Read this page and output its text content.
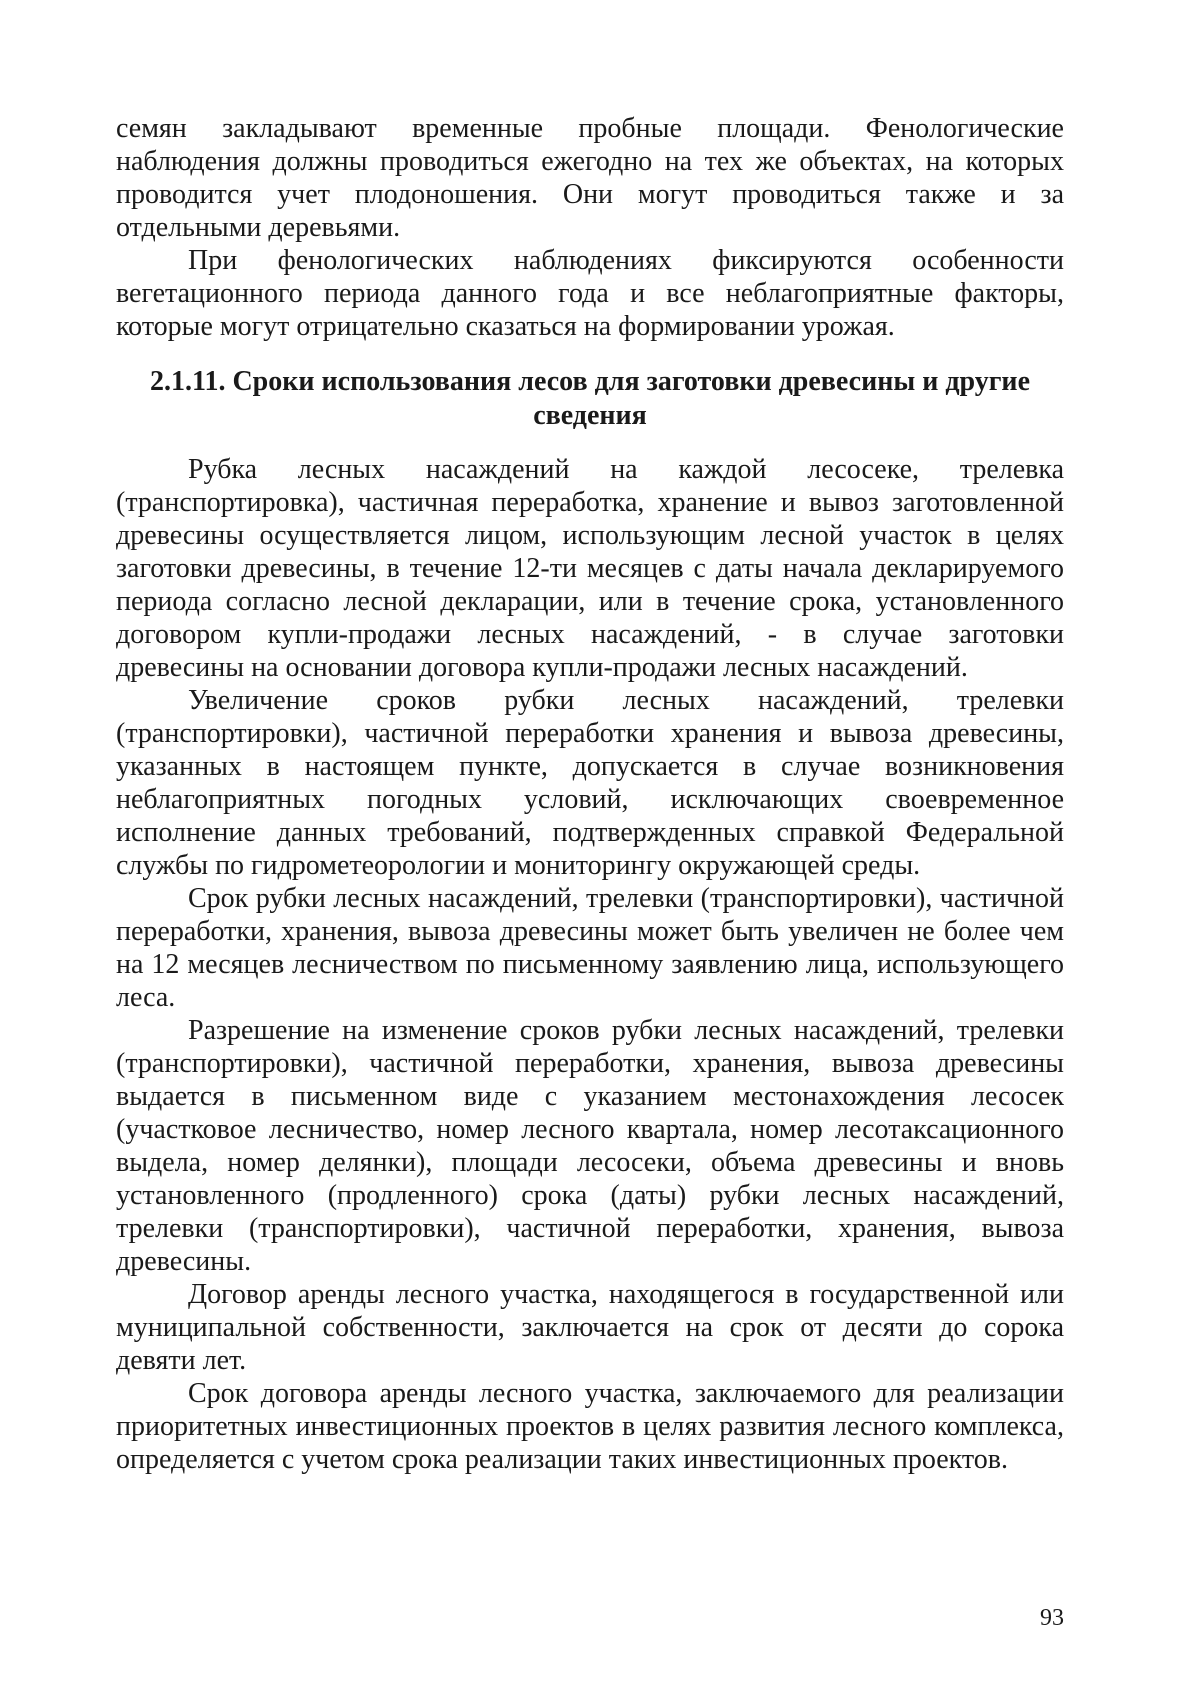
семян закладывают временные пробные площади. Фенологические наблюдения должны проводиться ежегодно на тех же объектах, на которых проводится учет плодоношения. Они могут проводиться также и за отдельными деревьями.

При фенологических наблюдениях фиксируются особенности вегетационного периода данного года и все неблагоприятные факторы, которые могут отрицательно сказаться на формировании урожая.

2.1.11. Сроки использования лесов для заготовки древесины и другие
сведения

Рубка лесных насаждений на каждой лесосеке, трелевка (транспортировка), частичная переработка, хранение и вывоз заготовленной древесины осуществляется лицом, использующим лесной участок в целях заготовки древесины, в течение 12-ти месяцев с даты начала декларируемого периода согласно лесной декларации, или в течение срока, установленного договором купли-продажи лесных насаждений, - в случае заготовки древесины на основании договора купли-продажи лесных насаждений.

Увеличение сроков рубки лесных насаждений, трелевки (транспортировки), частичной переработки хранения и вывоза древесины, указанных в настоящем пункте, допускается в случае возникновения неблагоприятных погодных условий, исключающих своевременное исполнение данных требований, подтвержденных справкой Федеральной службы по гидрометеорологии и мониторингу окружающей среды.

Срок рубки лесных насаждений, трелевки (транспортировки), частичной переработки, хранения, вывоза древесины может быть увеличен не более чем на 12 месяцев лесничеством по письменному заявлению лица, использующего леса.

Разрешение на изменение сроков рубки лесных насаждений, трелевки (транспортировки), частичной переработки, хранения, вывоза древесины выдается в письменном виде с указанием местонахождения лесосек (участковое лесничество, номер лесного квартала, номер лесотаксационного выдела, номер делянки), площади лесосеки, объема древесины и вновь установленного (продленного) срока (даты) рубки лесных насаждений, трелевки (транспортировки), частичной переработки, хранения, вывоза древесины.

Договор аренды лесного участка, находящегося в государственной или муниципальной собственности, заключается на срок от десяти до сорока девяти лет.

Срок договора аренды лесного участка, заключаемого для реализации приоритетных инвестиционных проектов в целях развития лесного комплекса, определяется с учетом срока реализации таких инвестиционных проектов.

93
